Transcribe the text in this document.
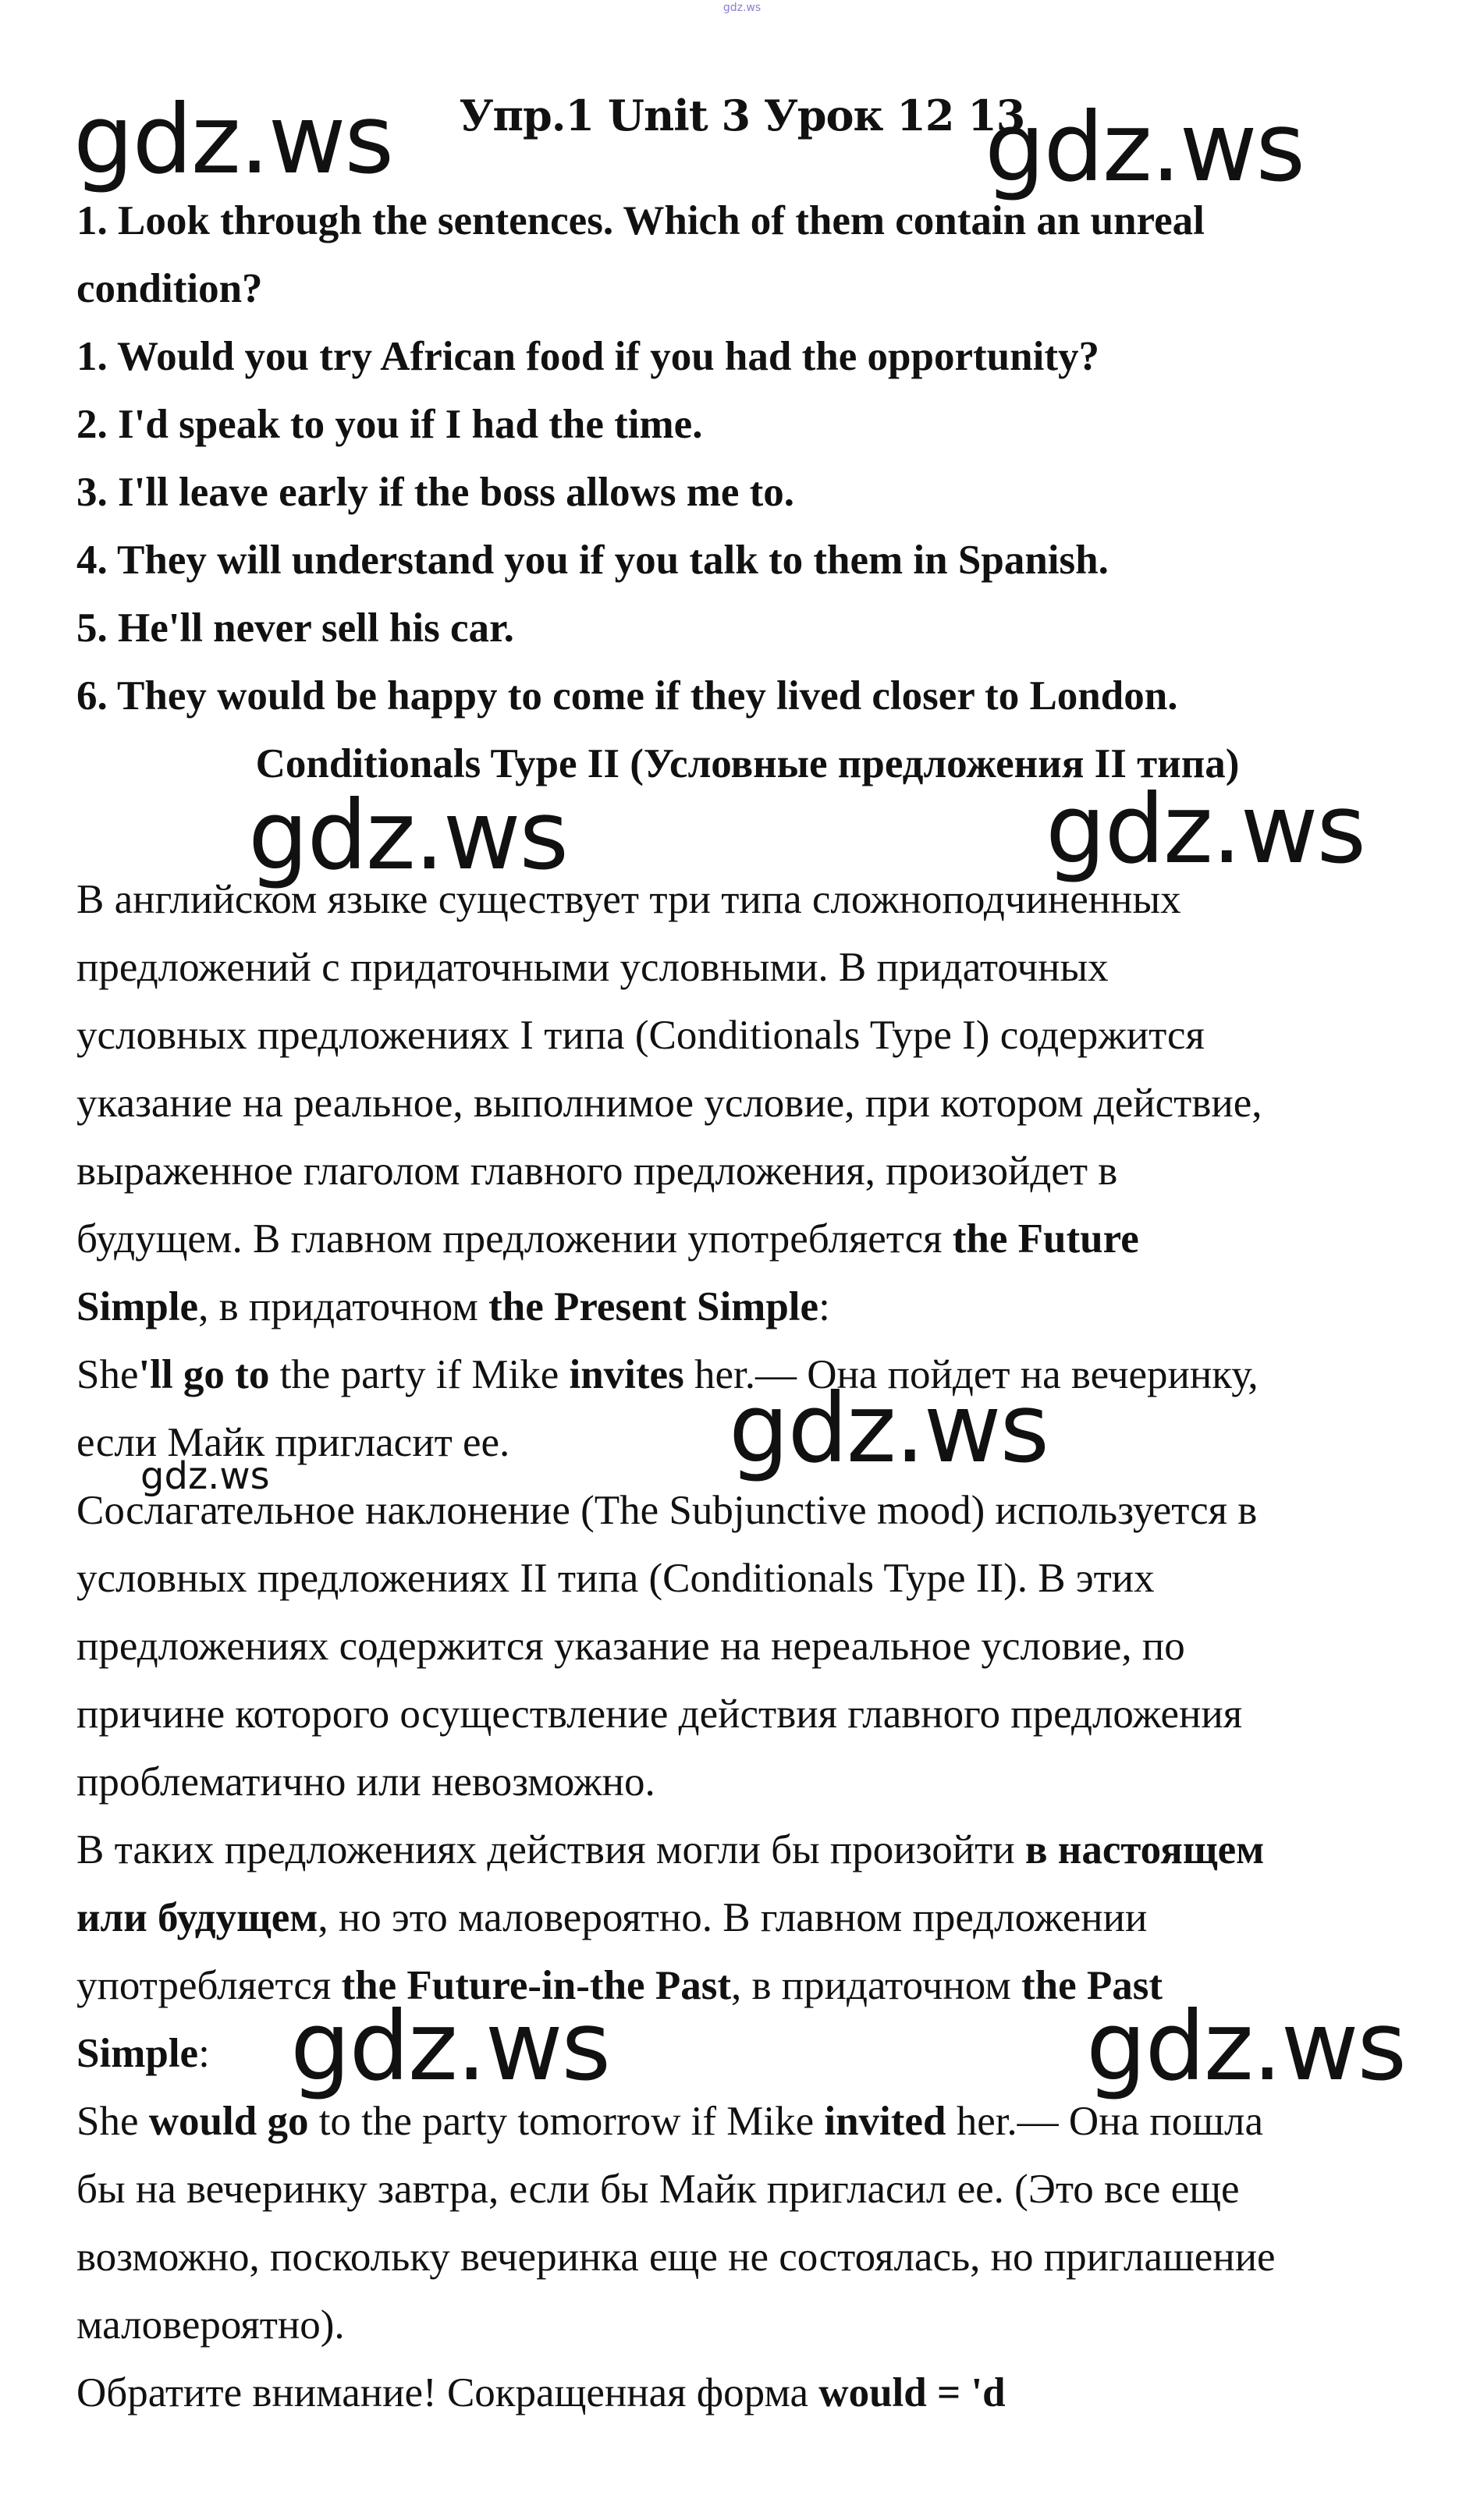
gdz.ws
Упр.1 Unit 3 Урок 12 13
1. Look through the sentences. Which of them contain an unreal
condition?
1. Would you try African food if you had the opportunity?
2. I'd speak to you if I had the time.
3. I'll leave early if the boss allows me to.
4. They will understand you if you talk to them in Spanish.
5. He'll never sell his car.
6. They would be happy to come if they lived closer to London.
Conditionals Type II (Условные предложения II типа)
В английском языке существует три типа сложноподчиненных
предложений с придаточными условными. В придаточных
условных предложениях I типа (Conditionals Type I) содержится
указание на реальное, выполнимое условие, при котором действие,
выраженное глаголом главного предложения, произойдет в
будущем. В главном предложении употребляется the Future
Simple, в придаточном the Present Simple:
She'll go to the party if Mike invites her.— Она пойдет на вечеринку,
если Майк пригласит ее.
Сослагательное наклонение (The Subjunctive mood) используется в
условных предложениях II типа (Conditionals Type II). В этих
предложениях содержится указание на нереальное условие, по
причине которого осуществление действия главного предложения
проблематично или невозможно.
В таких предложениях действия могли бы произойти в настоящем
или будущем, но это маловероятно. В главном предложении
употребляется the Future-in-the Past, в придаточном the Past
Simple:
She would go to the party tomorrow if Mike invited her.— Она пошла
бы на вечеринку завтра, если бы Майк пригласил ее. (Это все еще
возможно, поскольку вечеринка еще не состоялась, но приглашение
маловероятно).
Обратите внимание! Сокращенная форма would = 'd
gdz.ws	gdz.ws
gdz.ws	gdz.ws
gdz.ws
gdz.ws
gdz.ws	gdz.ws
